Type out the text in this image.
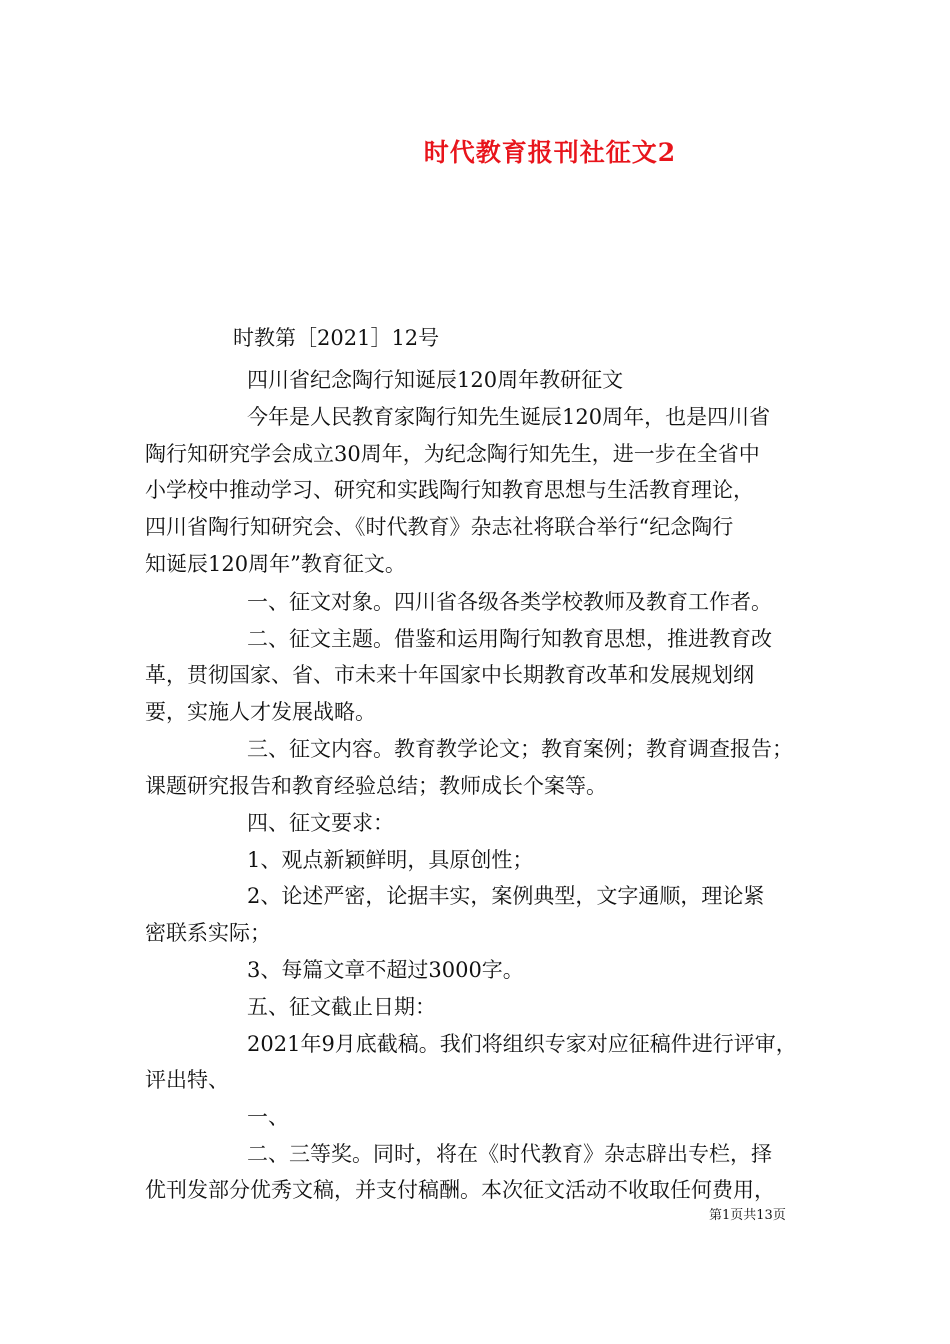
时代教育报刊社征文2
时教第［2021］12号
四川省纪念陶行知诞辰120周年教研征文
今年是人民教育家陶行知先生诞辰120周年，也是四川省
陶行知研究学会成立30周年，为纪念陶行知先生，进一步在全省中
小学校中推动学习、研究和实践陶行知教育思想与生活教育理论，
四川省陶行知研究会、《时代教育》杂志社将联合举行“纪念陶行
知诞辰120周年”教育征文。
一、征文对象。四川省各级各类学校教师及教育工作者。
二、征文主题。借鉴和运用陶行知教育思想，推进教育改
革，贯彻国家、省、市未来十年国家中长期教育改革和发展规划纲
要，实施人才发展战略。
三、征文内容。教育教学论文；教育案例；教育调查报告；
课题研究报告和教育经验总结；教师成长个案等。
四、征文要求：
1、观点新颖鲜明，具原创性；
2、论述严密，论据丰实，案例典型，文字通顺，理论紧
密联系实际；
3、每篇文章不超过3000字。
五、征文截止日期：
2021年9月底截稿。我们将组织专家对应征稿件进行评审，
评出特、
一、
二、三等奖。同时，将在《时代教育》杂志辟出专栏，择
优刊发部分优秀文稿，并支付稿酬。本次征文活动不收取任何费用，
第1页共13页
